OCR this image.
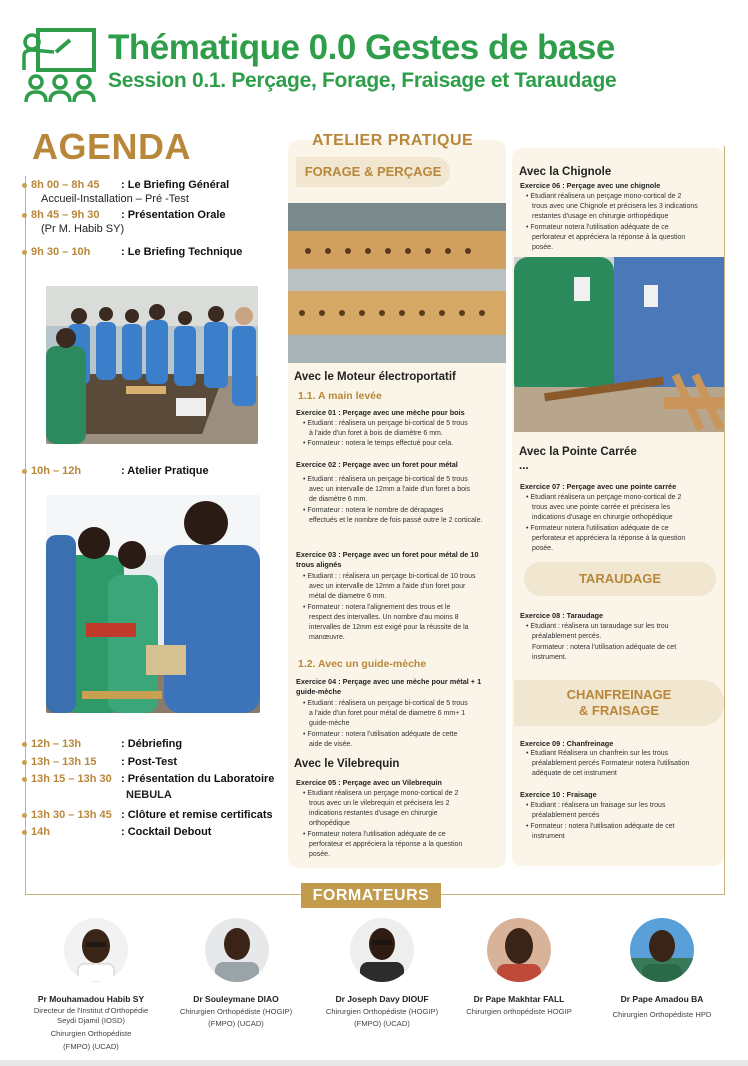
Thématique 0.0 Gestes de base
Session 0.1. Perçage, Forage, Fraisage et Taraudage
AGENDA
8h 00 – 8h 45 : Le Briefing Général
Accueil-Installation – Pré -Test
8h 45 – 9h 30 : Présentation Orale
(Pr M. Habib SY)
9h 30 – 10h	: Le Briefing Technique
10h – 12h	: Atelier Pratique
12h – 13h	: Débriefing
13h – 13h 15 : Post-Test
13h 15 – 13h 30 : Présentation du Laboratoire
NEBULA
13h 30 – 13h 45 : Clôture et remise certificats
14h	: Cocktail Debout
ATELIER PRATIQUE
FORAGE & PERÇAGE
Avec le Moteur électroportatif
1.1. A main levée
Exercice 01 : Perçage avec une mèche pour bois
• Etudiant : réalisera un perçage bi-cortical de 5 trous
à l'aide d'un foret à bois de diamètre 6 mm.
• Formateur : notera le temps effectué pour cela.
Exercice 02 : Perçage avec un foret pour métal
• Etudiant : réalisera un perçage bi-cortical de 5 trous
avec un intervalle de 12mm a l'aide d'un foret a bois
de diamètre 6 mm.
• Formateur : notera le nombre de dérapages
effectués et le nombre de fois passé outre le 2 corticale.
Exercice 03 : Perçage avec un foret pour métal de 10
trous alignés
• Etudiant : : réalisera un perçage bi-cortical de 10 trous
avec un intervalle de 12mm a l'aide d'un foret pour
métal de diametre 6 mm.
• Formateur : notera l'alignement des trous et le
respect des intervalles. Un nombre d'au moins 8
intervalles de 12mm est exigé pour la réussite de la
manœuvre.
1.2. Avec un guide-mèche
Exercice 04 : Perçage avec une mèche pour métal + 1
guide-mèche
• Etudiant : réalisera un perçage bi-cortical de 5 trous
a l'aide d'un foret pour métal de diametre 6 mm+ 1
guide-mèche
• Formateur : notera l'utilisation adéquate de cette
aide de visée.
Avec le Vilebrequin
Exercice 05 : Perçage avec un Vilebrequin
• Etudiant réalisera un perçage mono-cortical de 2
trous avec un le vilebrequin et précisera les 2
indications restantes d'usage en chirurgie
orthopédique
• Formateur notera l'utilisation adéquate de ce
perforateur et appréciera la réponse a la question
posée.
Avec la Chignole
Exercice 06 : Perçage avec une chignole
• Etudiant réalisera un perçage mono-cortical de 2
trous avec une Chignole et précisera les 3 indications
restantes d'usage en chirurgie orthopédique
• Formateur notera l'utilisation adéquate de ce
perforateur et appréciera la réponse à la question
posée.
Avec la Pointe Carrée
...
Exercice 07 : Perçage avec une pointe carrée
• Etudiant réalisera un perçage mono-cortical de 2
trous avec une pointe carrée et précisera les
indications d'usage en chirurgie orthopédique
• Formateur notera l'utilisation adéquate de ce
perforateur et appréciera la réponse à la question
posée.
TARAUDAGE
Exercice 08 : Taraudage
• Etudiant : réalisera un taraudage sur les trou
préalablement percés.
Formateur : notera l'utilisation adéquate de cet
instrument.
CHANFREINAGE
& FRAISAGE
Exercice 09 : Chanfreinage
• Etudiant Réalisera un chanfrein sur les trous
préalablement percés Formateur notera l'utilisation
adéquate de cet instrument
Exercice 10 : Fraisage
• Etudiant : réalisera un fraisage sur les trous
préalablement percés
• Formateur : notera l'utilisation adéquate de cet
instrument
FORMATEURS
Pr Mouhamadou Habib SY
Directeur de l'Institut d'Orthopédie
Seydi Djamil (IOSD)
Chirurgien Orthopédiste
(FMPO) (UCAD)
Dr Souleymane DIAO
Chirurgien Orthopédiste (HOGIP)
(FMPO) (UCAD)
Dr Joseph Davy DIOUF
Chirurgien Orthopédiste (HOGIP)
(FMPO) (UCAD)
Dr Pape Makhtar FALL
Chirurgien orthopédiste HOGIP
Dr Pape Amadou BA
Chirurgien Orthopédiste HPD
